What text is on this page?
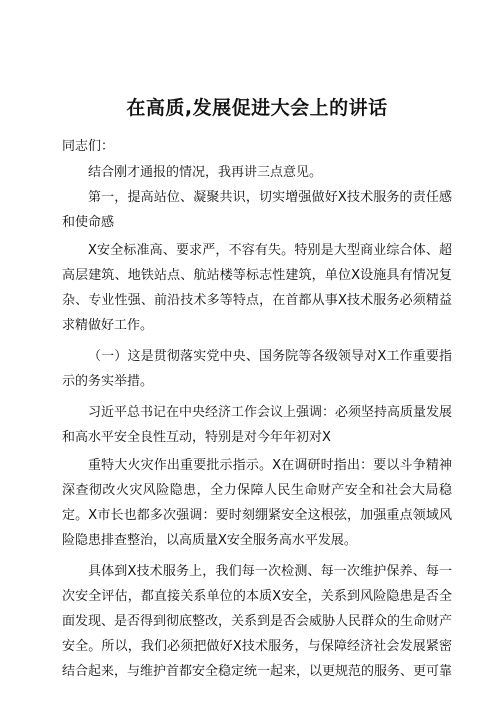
在高质,发展促进大会上的讲话

同志们：

结合刚才通报的情况，我再讲三点意见。

第一，提高站位、凝聚共识，切实增强做好X技术服务的责任感和使命感

X安全标准高、要求严，不容有失。特别是大型商业综合体、超高层建筑、地铁站点、航站楼等标志性建筑，单位X设施具有情况复杂、专业性强、前沿技术多等特点，在首都从事X技术服务必须精益求精做好工作。

（一）这是贯彻落实党中央、国务院等各级领导对X工作重要指示的务实举措。

习近平总书记在中央经济工作会议上强调：必须坚持高质量发展和高水平安全良性互动，特别是对今年年初对X

重特大火灾作出重要批示指示。X在调研时指出：要以斗争精神深查彻改火灾风险隐患，全力保障人民生命财产安全和社会大局稳定。X市长也都多次强调：要时刻绷紧安全这根弦，加强重点领域风险隐患排查整治，以高质量X安全服务高水平发展。

具体到X技术服务上，我们每一次检测、每一次维护保养、每一次安全评估，都直接关系单位的本质X安全，关系到风险隐患是否全面发现、是否得到彻底整改，关系到是否会威胁人民群众的生命财产安全。所以，我们必须把做好X技术服务，与保障经济社会发展紧密结合起来，与维护首都安全稳定统一起来，以更规范的服务、更可靠
